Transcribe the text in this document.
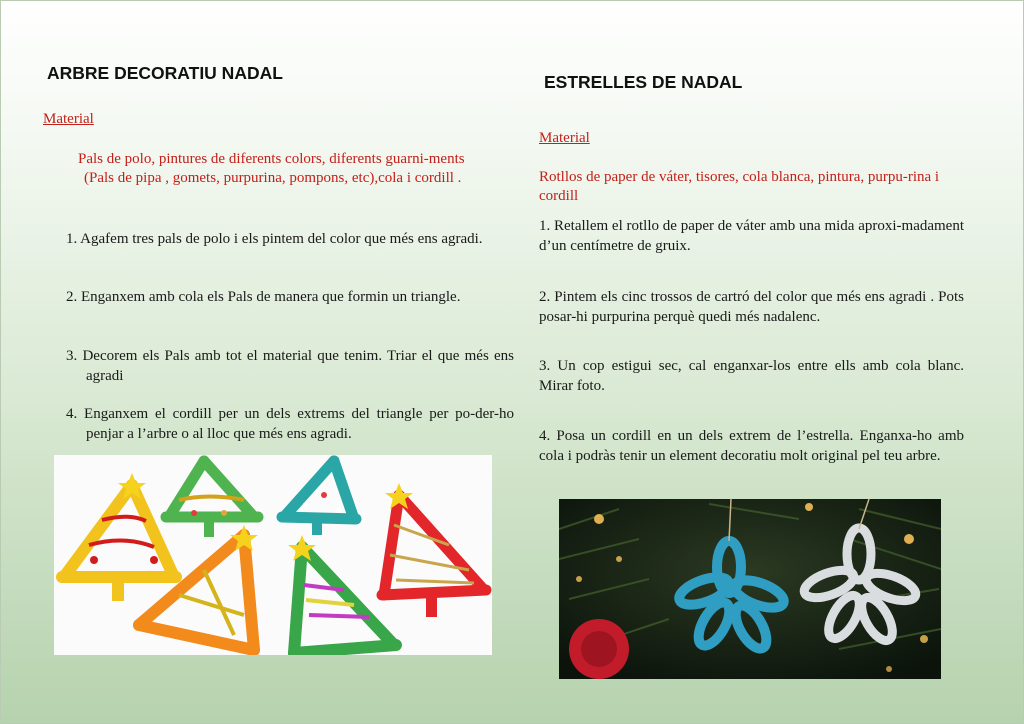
ARBRE DECORATIU NADAL

Material

Pals de polo, pintures de diferents colors, diferents guarni-ments (Pals de pipa , gomets, purpurina, pompons, etc),cola i cordill .

1. Agafem tres pals de polo i els pintem del color que més ens agradi.

2. Enganxem amb cola els Pals de manera que formin un triangle.

3. Decorem els Pals amb tot el material que tenim. Triar el que més ens agradi

4. Enganxem el cordill per un dels extrems del triangle per po-der-ho penjar a l’arbre o al lloc que més ens agradi.

ESTRELLES DE NADAL

Material

Rotllos de paper de váter, tisores, cola blanca, pintura, purpu-rina i cordill

1. Retallem el rotllo de paper de váter amb una mida aproxi-madament d’un centímetre de gruix.

2. Pintem els cinc trossos de cartró del color que més ens agradi . Pots posar-hi purpurina perquè quedi més nadalenc.

3. Un cop estigui sec, cal enganxar-los entre ells amb cola blanc. Mirar foto.

4. Posa un cordill en un dels extrem de l’estrella. Enganxa-ho amb cola i podràs tenir un element decoratiu molt original pel teu arbre.
